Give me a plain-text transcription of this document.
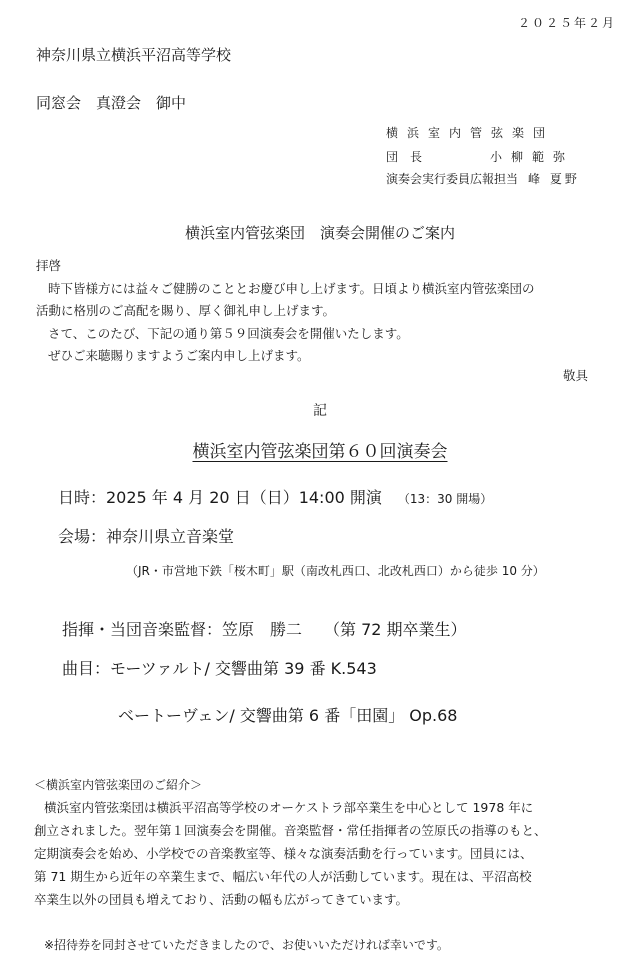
２０２５年２月
神奈川県立横浜平沼高等学校
同窓会　真澄会　御中
横浜室内管弦楽団
団長	小柳範弥
演奏会実行委員広報担当 峰 夏野
横浜室内管弦楽団　演奏会開催のご案内
拝啓
時下皆様方には益々ご健勝のこととお慶び申し上げます。日頃より横浜室内管弦楽団の
活動に格別のご高配を賜り、厚く御礼申し上げます。
さて、このたび、下記の通り第５９回演奏会を開催いたします。
ぜひご来聴賜りますようご案内申し上げます。
敬具
記
横浜室内管弦楽団第６０回演奏会
日時：2025 年 4 月 20 日（日）14:00 開演 （13：30 開場）
会場：神奈川県立音楽堂
（JR・市営地下鉄「桜木町」駅（南改札西口、北改札西口）から徒歩 10 分）
指揮・当団音楽監督：笠原　勝二 （第 72 期卒業生）
曲目：モーツァルト/ 交響曲第 39 番 K.543
ベートーヴェン/ 交響曲第 6 番「田園」 Op.68
＜横浜室内管弦楽団のご紹介＞
横浜室内管弦楽団は横浜平沼高等学校のオーケストラ部卒業生を中心として 1978 年に
創立されました。翌年第１回演奏会を開催。音楽監督・常任指揮者の笠原氏の指導のもと、
定期演奏会を始め、小学校での音楽教室等、様々な演奏活動を行っています。団員には、
第 71 期生から近年の卒業生まで、幅広い年代の人が活動しています。現在は、平沼高校
卒業生以外の団員も増えており、活動の幅も広がってきています。
※招待券を同封させていただきましたので、お使いいただければ幸いです。
